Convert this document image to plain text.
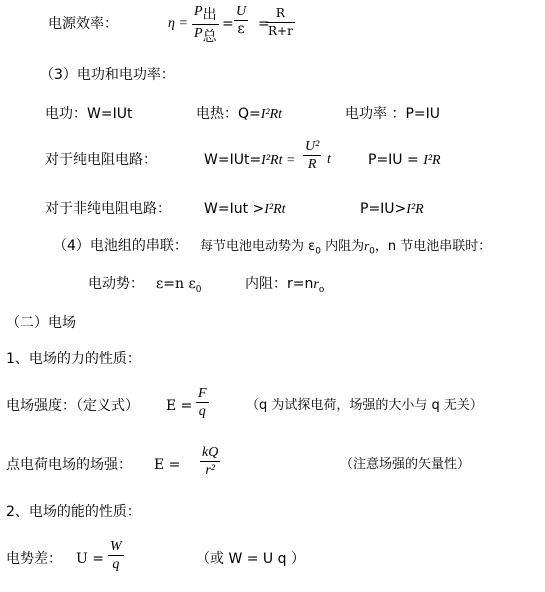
电源效率：	η =
$P_出$
$P_总$
= $\frac{U}{\varepsilon}$ =
$\frac{R}{R+r}$
（3）电功和电功率：
电功：W=IUt	电热：Q=I²Rt	电功率 ：P=IU
对于纯电阻电路：	$W=IUt=I^2Rt = \frac{\text{U²}}{R}$ t	P=IU = I²R
对于非纯电阻电路： W=Iut >I²Rt	P=IU>I²R
（4）电池组的串联： 每节电池电动势为 $\varepsilon_0$ 内阻为$r_0$，n 节电池串联时：
电动势： ε=n $\varepsilon_0$	内阻：$r=nr_o$
（二）电场
1、电场的力的性质：
电场强度：（定义式） $E = \frac{F}{q}$	（q 为试探电荷，场强的大小与 q 无关）
点电荷电场的场强： $E = \frac{kQ}{\text{r²}}$	（注意场强的矢量性）
2、电场的能的性质：
电势差： $U = \frac{W}{q}$	（或 W = U q ）
